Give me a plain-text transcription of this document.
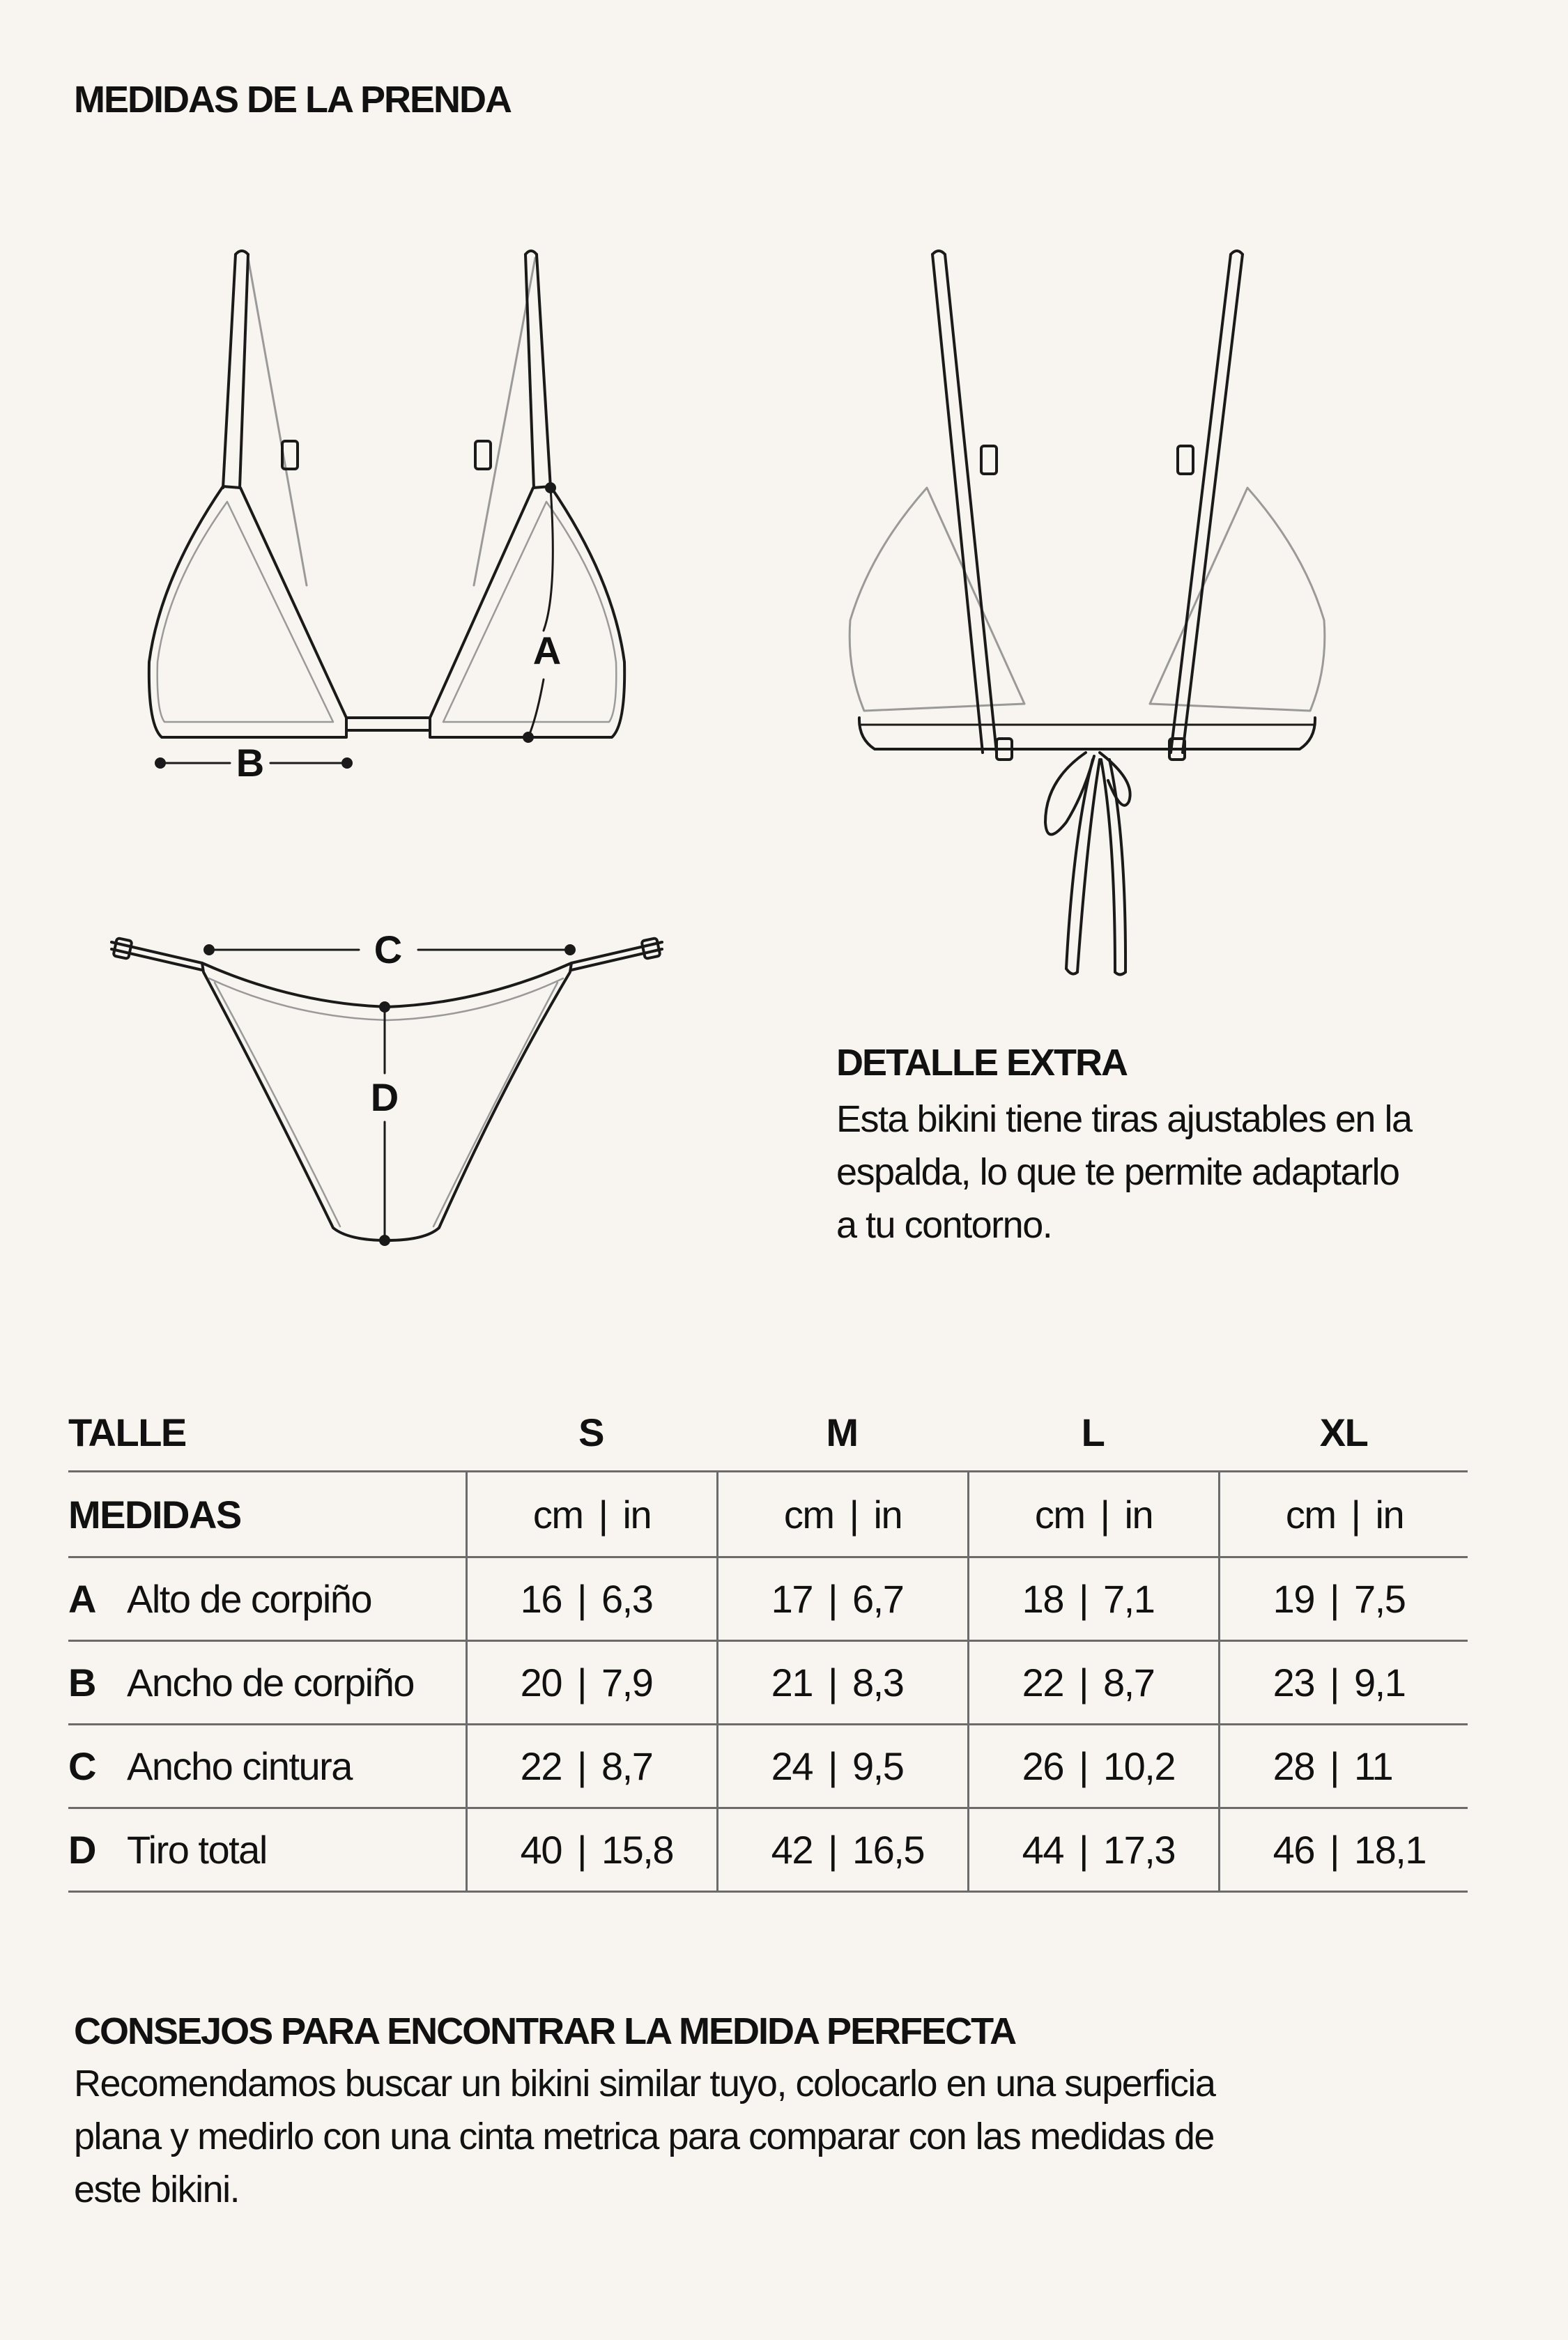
MEDIDAS DE LA PRENDA
A
B
C
D
DETALLE EXTRA
Esta bikini tiene tiras ajustables en la
espalda, lo que te permite adaptarlo
a tu contorno.
TALLE	S	M	L	XL
MEDIDAS	cm | in	cm | in	cm | in	cm | in
A Alto de corpiño	16 | 6,3	17 | 6,7	18 | 7,1	19 | 7,5
B Ancho de corpiño	20 | 7,9	21 | 8,3	22 | 8,7	23 | 9,1
C Ancho cintura	22 | 8,7	24 | 9,5	26 | 10,2	28 | 11
D Tiro total	40 | 15,8	42 | 16,5	44 | 17,3	46 | 18,1
CONSEJOS PARA ENCONTRAR LA MEDIDA PERFECTA
Recomendamos buscar un bikini similar tuyo, colocarlo en una superficia
plana y medirlo con una cinta metrica para comparar con las medidas de
este bikini.
